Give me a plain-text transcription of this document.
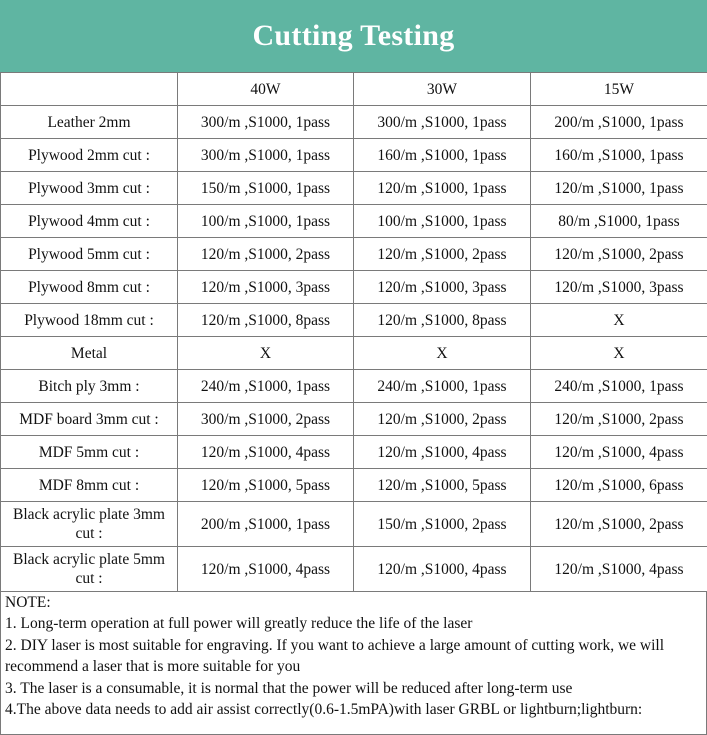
Cutting Testing
	40W	30W	15W
Leather 2mm	300/m ,S1000, 1pass	300/m ,S1000, 1pass	200/m ,S1000, 1pass
Plywood 2mm cut :	300/m ,S1000, 1pass	160/m ,S1000, 1pass	160/m ,S1000, 1pass
Plywood 3mm cut :	150/m ,S1000, 1pass	120/m ,S1000, 1pass	120/m ,S1000, 1pass
Plywood 4mm cut :	100/m ,S1000, 1pass	100/m ,S1000, 1pass	80/m ,S1000, 1pass
Plywood 5mm cut :	120/m ,S1000, 2pass	120/m ,S1000, 2pass	120/m ,S1000, 2pass
Plywood 8mm cut :	120/m ,S1000, 3pass	120/m ,S1000, 3pass	120/m ,S1000, 3pass
Plywood 18mm cut :	120/m ,S1000, 8pass	120/m ,S1000, 8pass	X
Metal	X	X	X
Bitch ply 3mm :	240/m ,S1000, 1pass	240/m ,S1000, 1pass	240/m ,S1000, 1pass
MDF board 3mm cut :	300/m ,S1000, 2pass	120/m ,S1000, 2pass	120/m ,S1000, 2pass
MDF 5mm cut :	120/m ,S1000, 4pass	120/m ,S1000, 4pass	120/m ,S1000, 4pass
MDF 8mm cut :	120/m ,S1000, 5pass	120/m ,S1000, 5pass	120/m ,S1000, 6pass
Black acrylic plate 3mm cut :	200/m ,S1000, 1pass	150/m ,S1000, 2pass	120/m ,S1000, 2pass
Black acrylic plate 5mm cut :	120/m ,S1000, 4pass	120/m ,S1000, 4pass	120/m ,S1000, 4pass
NOTE:
1. Long-term operation at full power will greatly reduce the life of the laser
2. DIY laser is most suitable for engraving. If you want to achieve a large amount of cutting work, we will recommend a laser that is more suitable for you
3. The laser is a consumable, it is normal that the power will be reduced after long-term use
4.The above data needs to add air assist correctly(0.6-1.5mPA)with laser GRBL or lightburn;lightburn:
